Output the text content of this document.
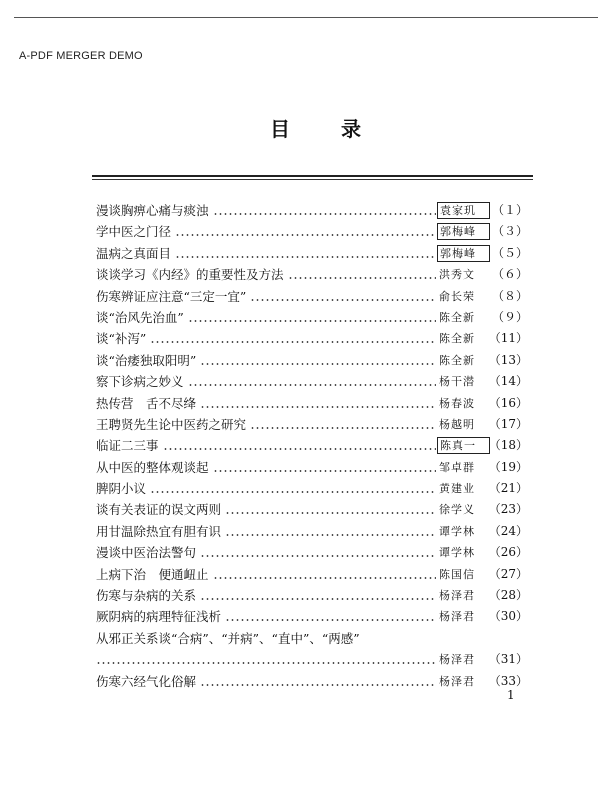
A-PDF MERGER DEMO
目	录
漫谈胸痹心痛与痰浊	袁家玑	（１）
学中医之门径	郭梅峰	（３）
温病之真面目	郭梅峰	（５）
谈谈学习《内经》的重要性及方法	洪秀文	（６）
伤寒辨证应注意“三定一宜”	俞长荣	（８）
谈“治风先治血”	陈全新	（９）
谈“补泻”	陈全新	（11）
谈“治痿独取阳明”	陈全新	（13）
察下诊病之妙义	杨干潜	（14）
热传营　舌不尽绛	杨春波	（16）
王聘贤先生论中医药之研究	杨越明	（17）
临证二三事	陈真一	（18）
从中医的整体观谈起	邹卓群	（19）
脾阴小议	黄建业	（21）
谈有关表证的误文两则	徐学义	（23）
用甘温除热宜有胆有识	谭学林	（24）
漫谈中医治法警句	谭学林	（26）
上病下治　便通衄止	陈国信	（27）
伤寒与杂病的关系	杨泽君	（28）
厥阴病的病理特征浅析	杨泽君	（30）
从邪正关系谈“合病”、“并病”、“直中”、“两感”
杨泽君	（31）
伤寒六经气化俗解	杨泽君	（33）
1
